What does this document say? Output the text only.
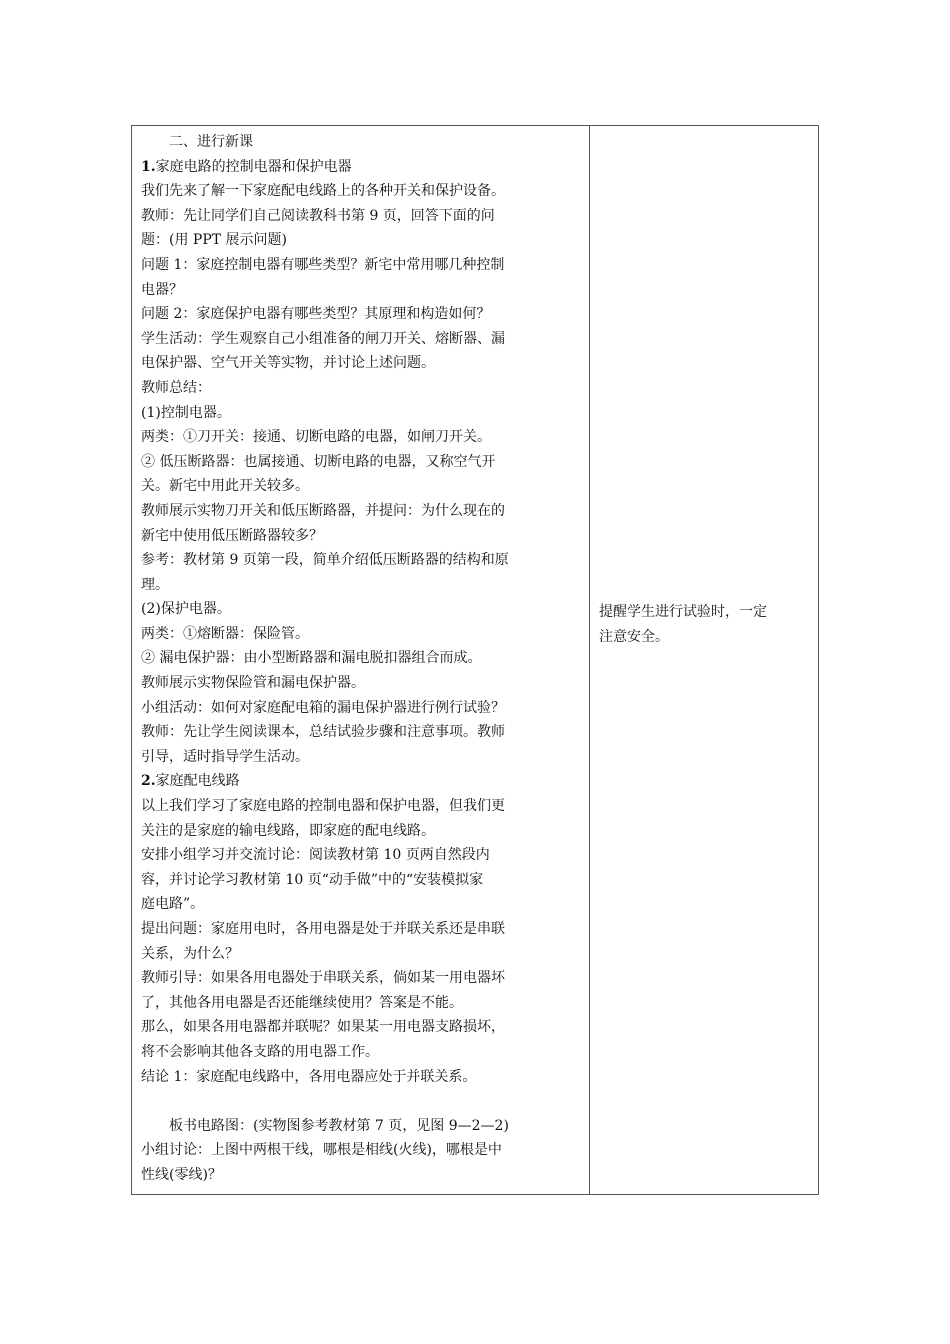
二、进行新课
1.家庭电路的控制电器和保护电器
我们先来了解一下家庭配电线路上的各种开关和保护设备。
教师：先让同学们自己阅读教科书第 9 页，回答下面的问
题：(用 PPT 展示问题)
问题 1：家庭控制电器有哪些类型？新宅中常用哪几种控制
电器？
问题 2：家庭保护电器有哪些类型？其原理和构造如何？
学生活动：学生观察自己小组准备的闸刀开关、熔断器、漏
电保护器、空气开关等实物，并讨论上述问题。
教师总结：
(1)控制电器。
两类：①刀开关：接通、切断电路的电器，如闸刀开关。
② 低压断路器：也属接通、切断电路的电器，又称空气开
关。新宅中用此开关较多。
教师展示实物刀开关和低压断路器，并提问：为什么现在的
新宅中使用低压断路器较多？
参考：教材第 9 页第一段，简单介绍低压断路器的结构和原
理。
(2)保护电器。
两类：①熔断器：保险管。
② 漏电保护器：由小型断路器和漏电脱扣器组合而成。
教师展示实物保险管和漏电保护器。
小组活动：如何对家庭配电箱的漏电保护器进行例行试验？
教师：先让学生阅读课本，总结试验步骤和注意事项。教师
引导，适时指导学生活动。
2.家庭配电线路
以上我们学习了家庭电路的控制电器和保护电器，但我们更
关注的是家庭的输电线路，即家庭的配电线路。
安排小组学习并交流讨论：阅读教材第 10 页两自然段内
容，并讨论学习教材第 10 页“动手做”中的“安装模拟家
庭电路”。
提出问题：家庭用电时，各用电器是处于并联关系还是串联
关系，为什么？
教师引导：如果各用电器处于串联关系，倘如某一用电器坏
了，其他各用电器是否还能继续使用？答案是不能。
那么，如果各用电器都并联呢？如果某一用电器支路损坏，
将不会影响其他各支路的用电器工作。
结论 1：家庭配电线路中，各用电器应处于并联关系。
板书电路图：(实物图参考教材第 7 页，见图 9—2—2)
小组讨论：上图中两根干线，哪根是相线(火线)，哪根是中
性线(零线)？
提醒学生进行试验时，一定
注意安全。
